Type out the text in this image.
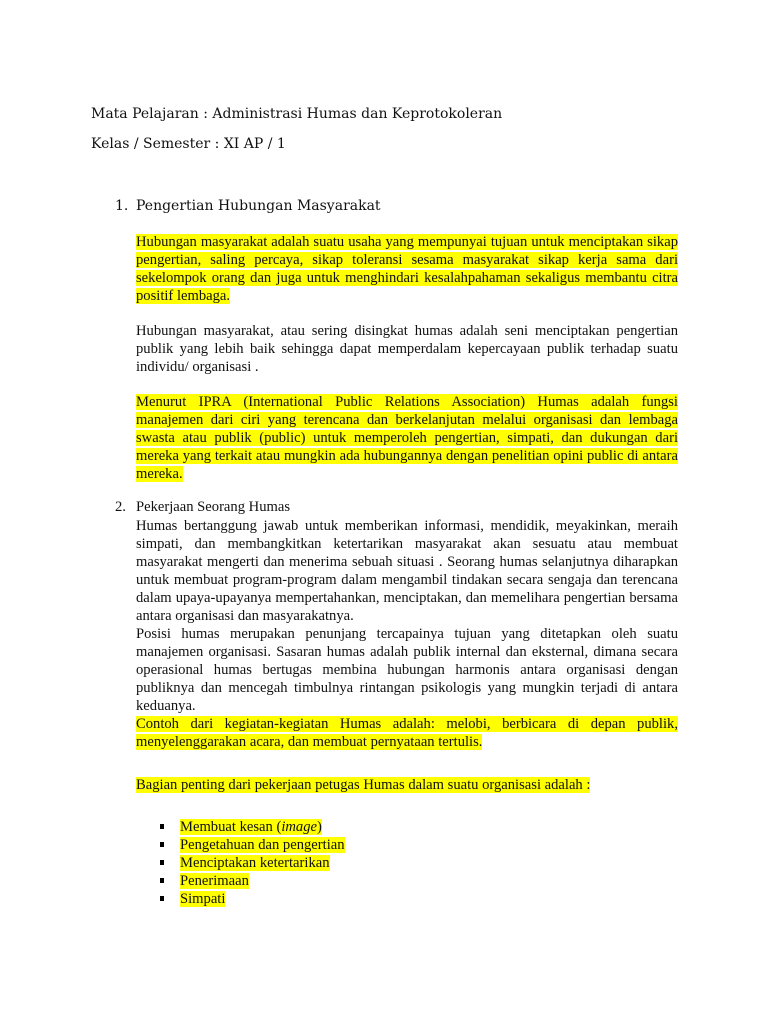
Mata Pelajaran : Administrasi Humas dan Keprotokoleran
Kelas / Semester : XI AP / 1
1. Pengertian Hubungan Masyarakat

Hubungan masyarakat adalah suatu usaha yang mempunyai tujuan untuk menciptakan sikap pengertian, saling percaya, sikap toleransi sesama masyarakat sikap kerja sama dari sekelompok orang dan juga untuk menghindari kesalahpahaman sekaligus membantu citra positif lembaga.

Hubungan masyarakat, atau sering disingkat humas adalah seni menciptakan pengertian publik yang lebih baik sehingga dapat memperdalam kepercayaan publik terhadap suatu individu/ organisasi .

Menurut IPRA (International Public Relations Association) Humas adalah fungsi manajemen dari ciri yang terencana dan berkelanjutan melalui organisasi dan lembaga swasta atau publik (public) untuk memperoleh pengertian, simpati, dan dukungan dari mereka yang terkait atau mungkin ada hubungannya dengan penelitian opini public di antara mereka.

2. Pekerjaan Seorang Humas

Humas bertanggung jawab untuk memberikan informasi, mendidik, meyakinkan, meraih simpati, dan membangkitkan ketertarikan masyarakat akan sesuatu atau membuat masyarakat mengerti dan menerima sebuah situasi . Seorang humas selanjutnya diharapkan untuk membuat program-program dalam mengambil tindakan secara sengaja dan terencana dalam upaya-upayanya mempertahankan, menciptakan, dan memelihara pengertian bersama antara organisasi dan masyarakatnya.

Posisi humas merupakan penunjang tercapainya tujuan yang ditetapkan oleh suatu manajemen organisasi. Sasaran humas adalah publik internal dan eksternal, dimana secara operasional humas bertugas membina hubungan harmonis antara organisasi dengan publiknya dan mencegah timbulnya rintangan psikologis yang mungkin terjadi di antara keduanya.

Contoh dari kegiatan-kegiatan Humas adalah: melobi, berbicara di depan publik, menyelenggarakan acara, dan membuat pernyataan tertulis.

Bagian penting dari pekerjaan petugas Humas dalam suatu organisasi adalah :

Membuat kesan (image)
Pengetahuan dan pengertian
Menciptakan ketertarikan
Penerimaan
Simpati
